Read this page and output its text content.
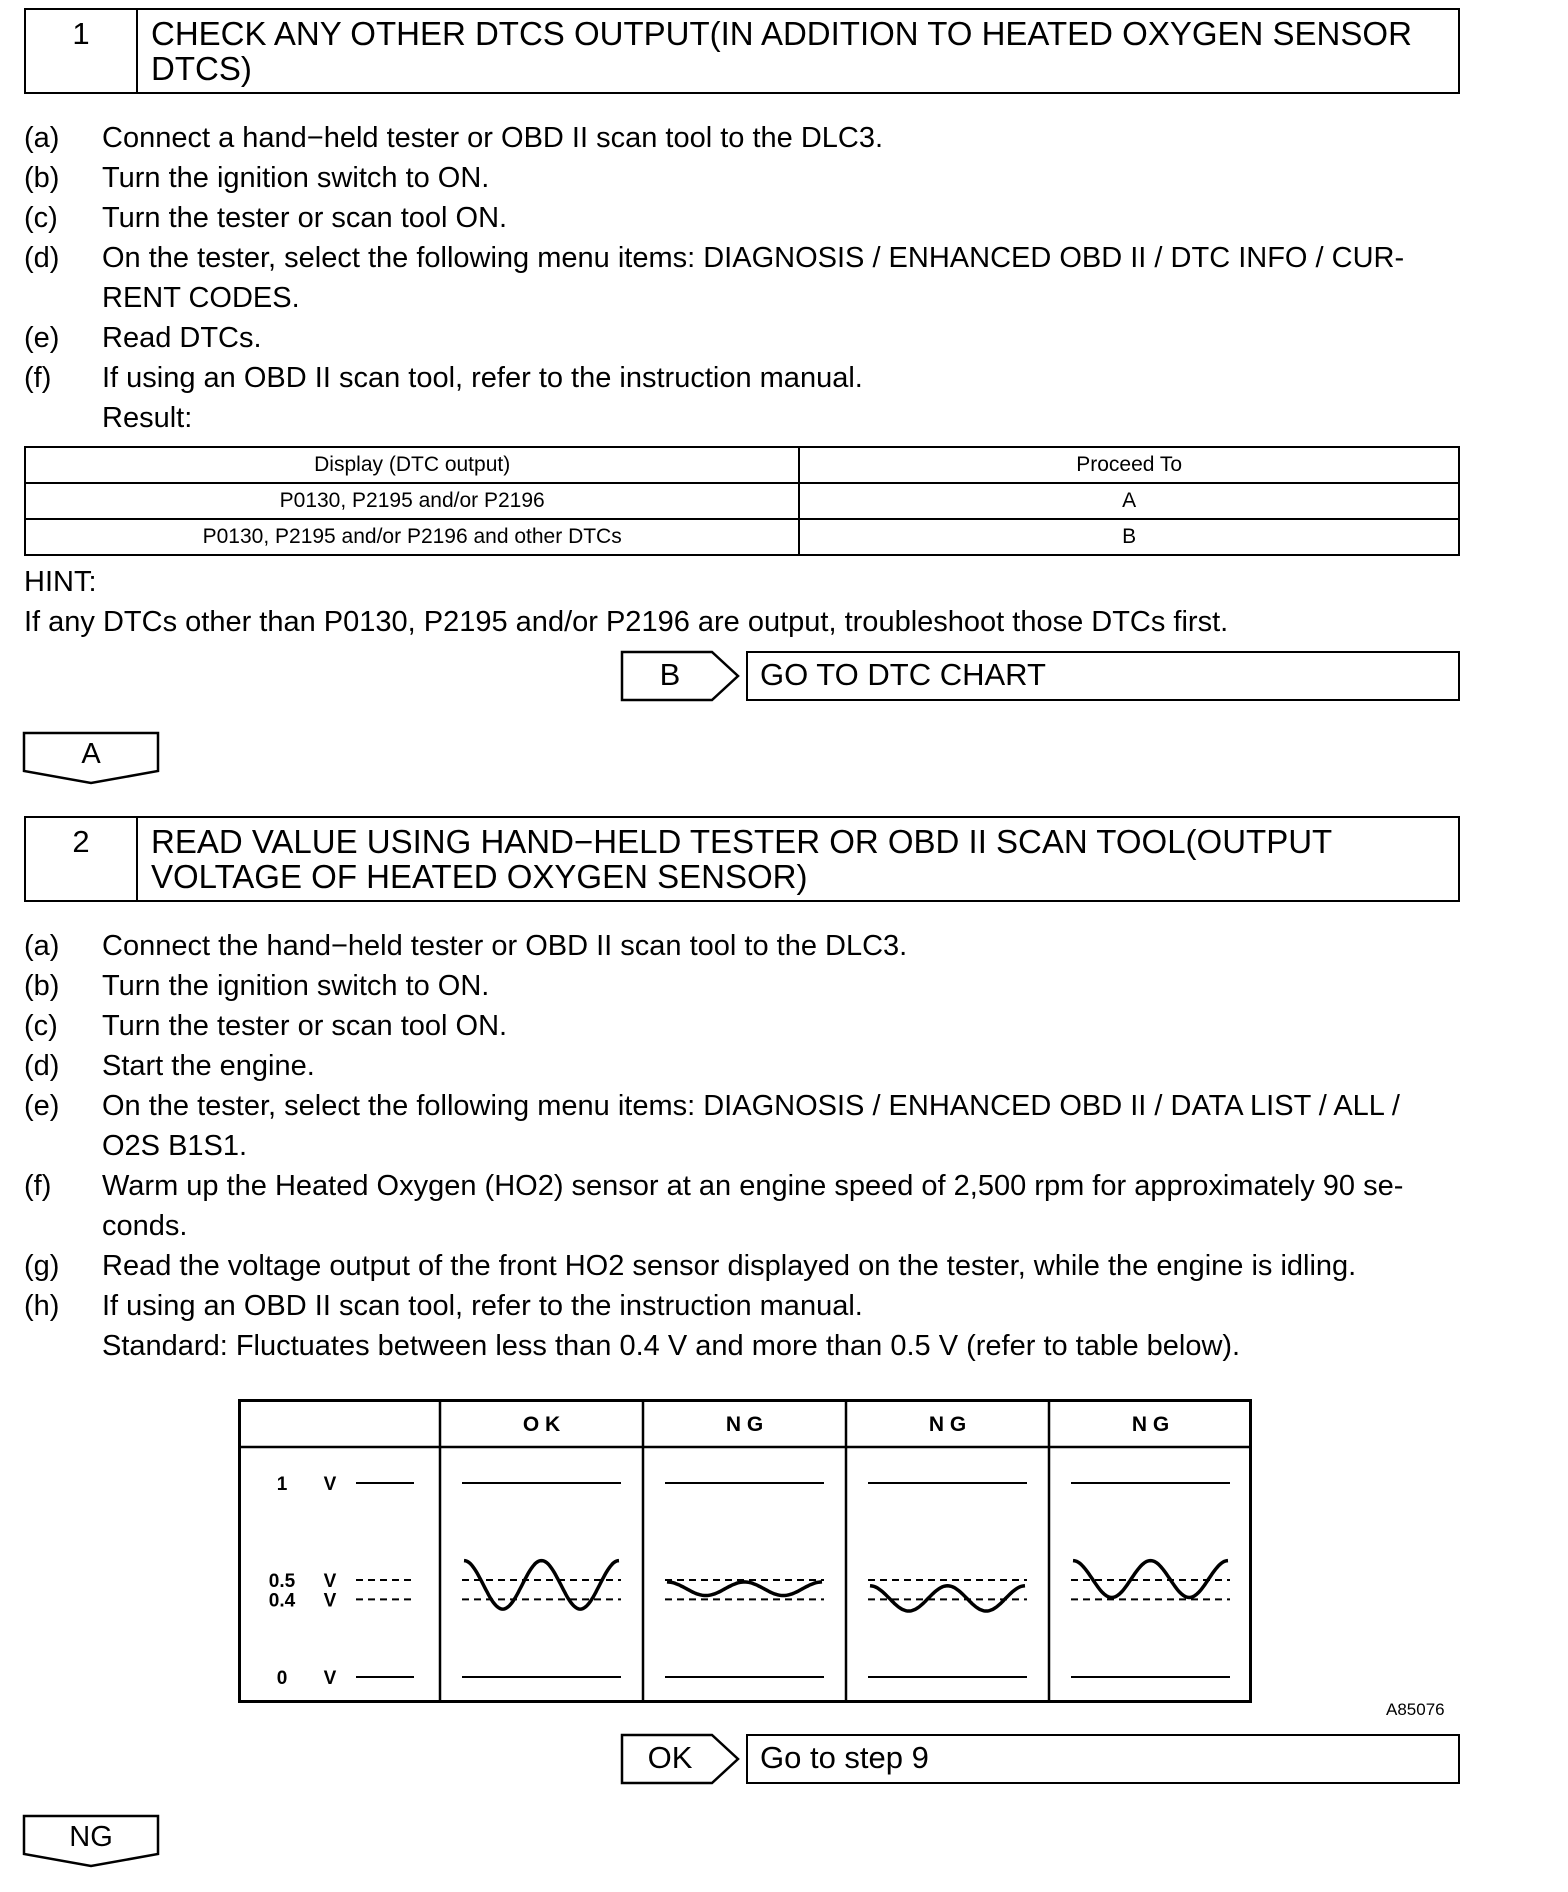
1	CHECK ANY OTHER DTCS OUTPUT(IN ADDITION TO HEATED OXYGEN SENSOR DTCS)
(a) Connect a hand−held tester or OBD II scan tool to the DLC3.
(b) Turn the ignition switch to ON.
(c) Turn the tester or scan tool ON.
(d) On the tester, select the following menu items: DIAGNOSIS / ENHANCED OBD II / DTC INFO / CUR-RENT CODES.
(e) Read DTCs.
(f) If using an OBD II scan tool, refer to the instruction manual.
Result:
Display (DTC output)	Proceed To
P0130, P2195 and/or P2196	A
P0130, P2195 and/or P2196 and other DTCs	B
HINT:
If any DTCs other than P0130, P2195 and/or P2196 are output, troubleshoot those DTCs first.
B	GO TO DTC CHART
A
2	READ VALUE USING HAND−HELD TESTER OR OBD II SCAN TOOL(OUTPUT VOLTAGE OF HEATED OXYGEN SENSOR)
(a) Connect the hand−held tester or OBD II scan tool to the DLC3.
(b) Turn the ignition switch to ON.
(c) Turn the tester or scan tool ON.
(d) Start the engine.
(e) On the tester, select the following menu items: DIAGNOSIS / ENHANCED OBD II / DATA LIST / ALL / O2S B1S1.
(f) Warm up the Heated Oxygen (HO2) sensor at an engine speed of 2,500 rpm for approximately 90 se-conds.
(g) Read the voltage output of the front HO2 sensor displayed on the tester, while the engine is idling.
(h) If using an OBD II scan tool, refer to the instruction manual.
Standard: Fluctuates between less than 0.4 V and more than 0.5 V (refer to table below).
O K	N G	N G	N G
1 V
0.5 V
0.4 V
0 V
A85076
OK	Go to step 9
NG
